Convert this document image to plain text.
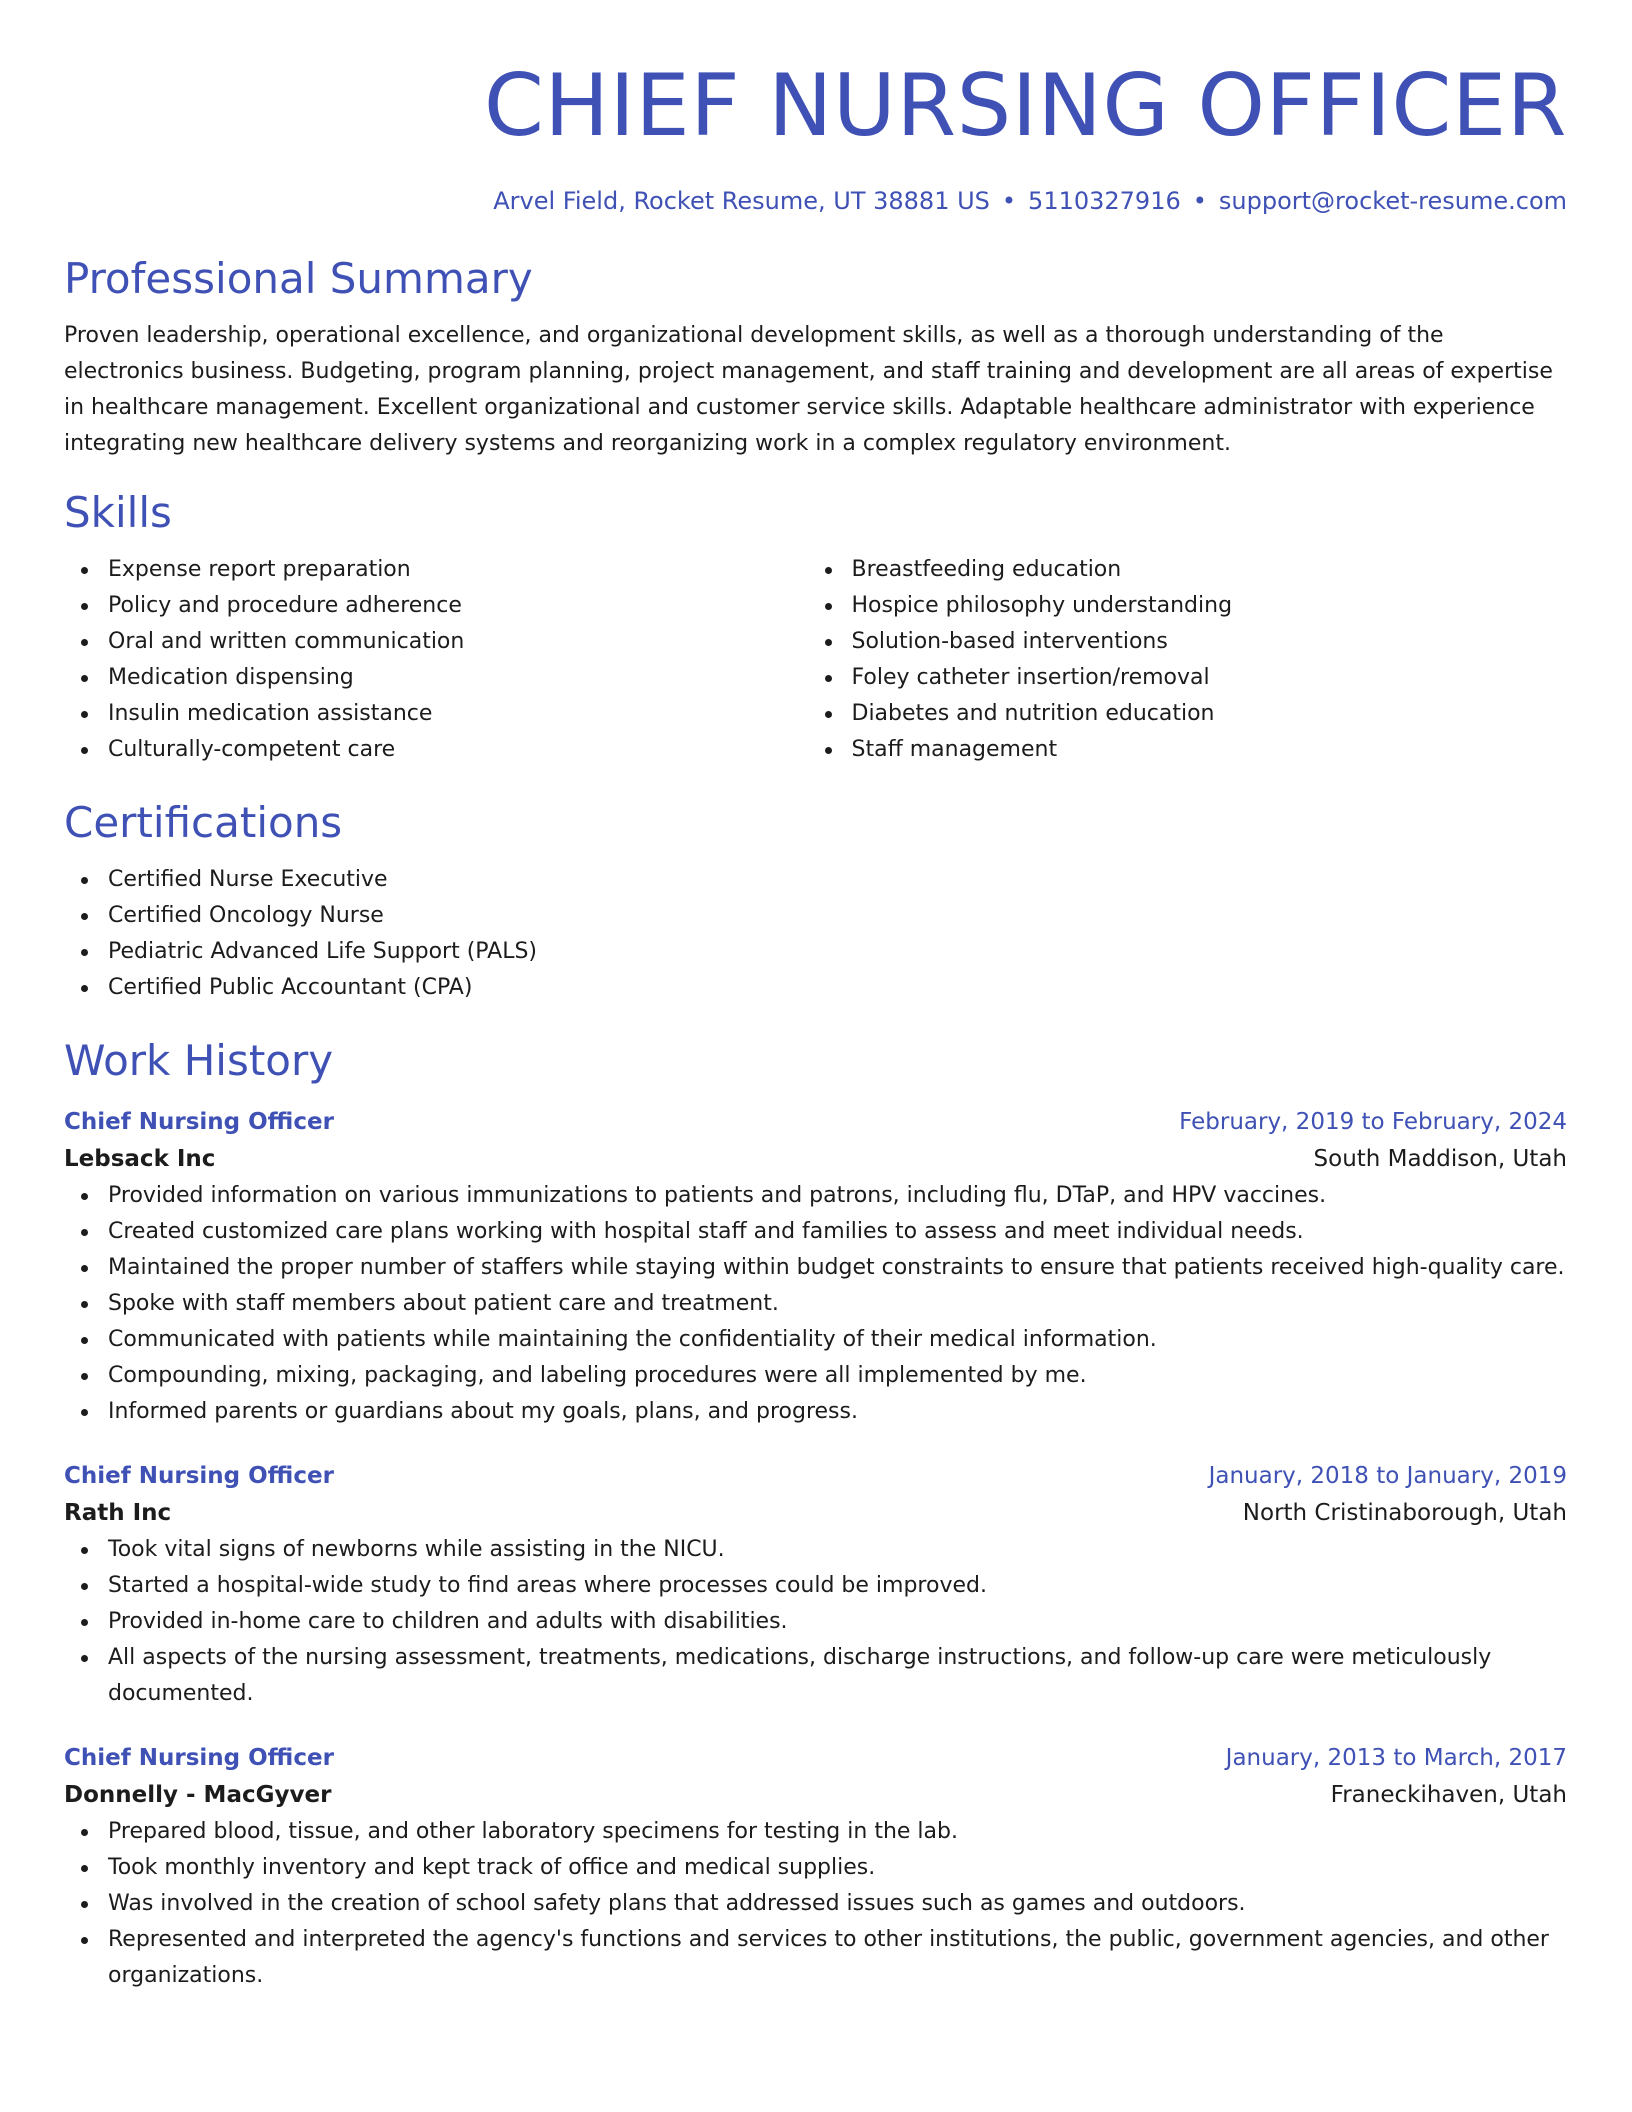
CHIEF NURSING OFFICER
Arvel Field, Rocket Resume, UT 38881 US • 5110327916 • support@rocket-resume.com
Professional Summary
Proven leadership, operational excellence, and organizational development skills, as well as a thorough understanding of the electronics business. Budgeting, program planning, project management, and staff training and development are all areas of expertise in healthcare management. Excellent organizational and customer service skills. Adaptable healthcare administrator with experience integrating new healthcare delivery systems and reorganizing work in a complex regulatory environment.
Skills
Expense report preparation
Policy and procedure adherence
Oral and written communication
Medication dispensing
Insulin medication assistance
Culturally-competent care
Breastfeeding education
Hospice philosophy understanding
Solution-based interventions
Foley catheter insertion/removal
Diabetes and nutrition education
Staff management
Certifications
Certified Nurse Executive
Certified Oncology Nurse
Pediatric Advanced Life Support (PALS)
Certified Public Accountant (CPA)
Work History
Chief Nursing Officer	February, 2019 to February, 2024
Lebsack Inc	South Maddison, Utah
Provided information on various immunizations to patients and patrons, including flu, DTaP, and HPV vaccines.
Created customized care plans working with hospital staff and families to assess and meet individual needs.
Maintained the proper number of staffers while staying within budget constraints to ensure that patients received high-quality care.
Spoke with staff members about patient care and treatment.
Communicated with patients while maintaining the confidentiality of their medical information.
Compounding, mixing, packaging, and labeling procedures were all implemented by me.
Informed parents or guardians about my goals, plans, and progress.
Chief Nursing Officer	January, 2018 to January, 2019
Rath Inc	North Cristinaborough, Utah
Took vital signs of newborns while assisting in the NICU.
Started a hospital-wide study to find areas where processes could be improved.
Provided in-home care to children and adults with disabilities.
All aspects of the nursing assessment, treatments, medications, discharge instructions, and follow-up care were meticulously documented.
Chief Nursing Officer	January, 2013 to March, 2017
Donnelly - MacGyver	Franeckihaven, Utah
Prepared blood, tissue, and other laboratory specimens for testing in the lab.
Took monthly inventory and kept track of office and medical supplies.
Was involved in the creation of school safety plans that addressed issues such as games and outdoors.
Represented and interpreted the agency's functions and services to other institutions, the public, government agencies, and other organizations.
